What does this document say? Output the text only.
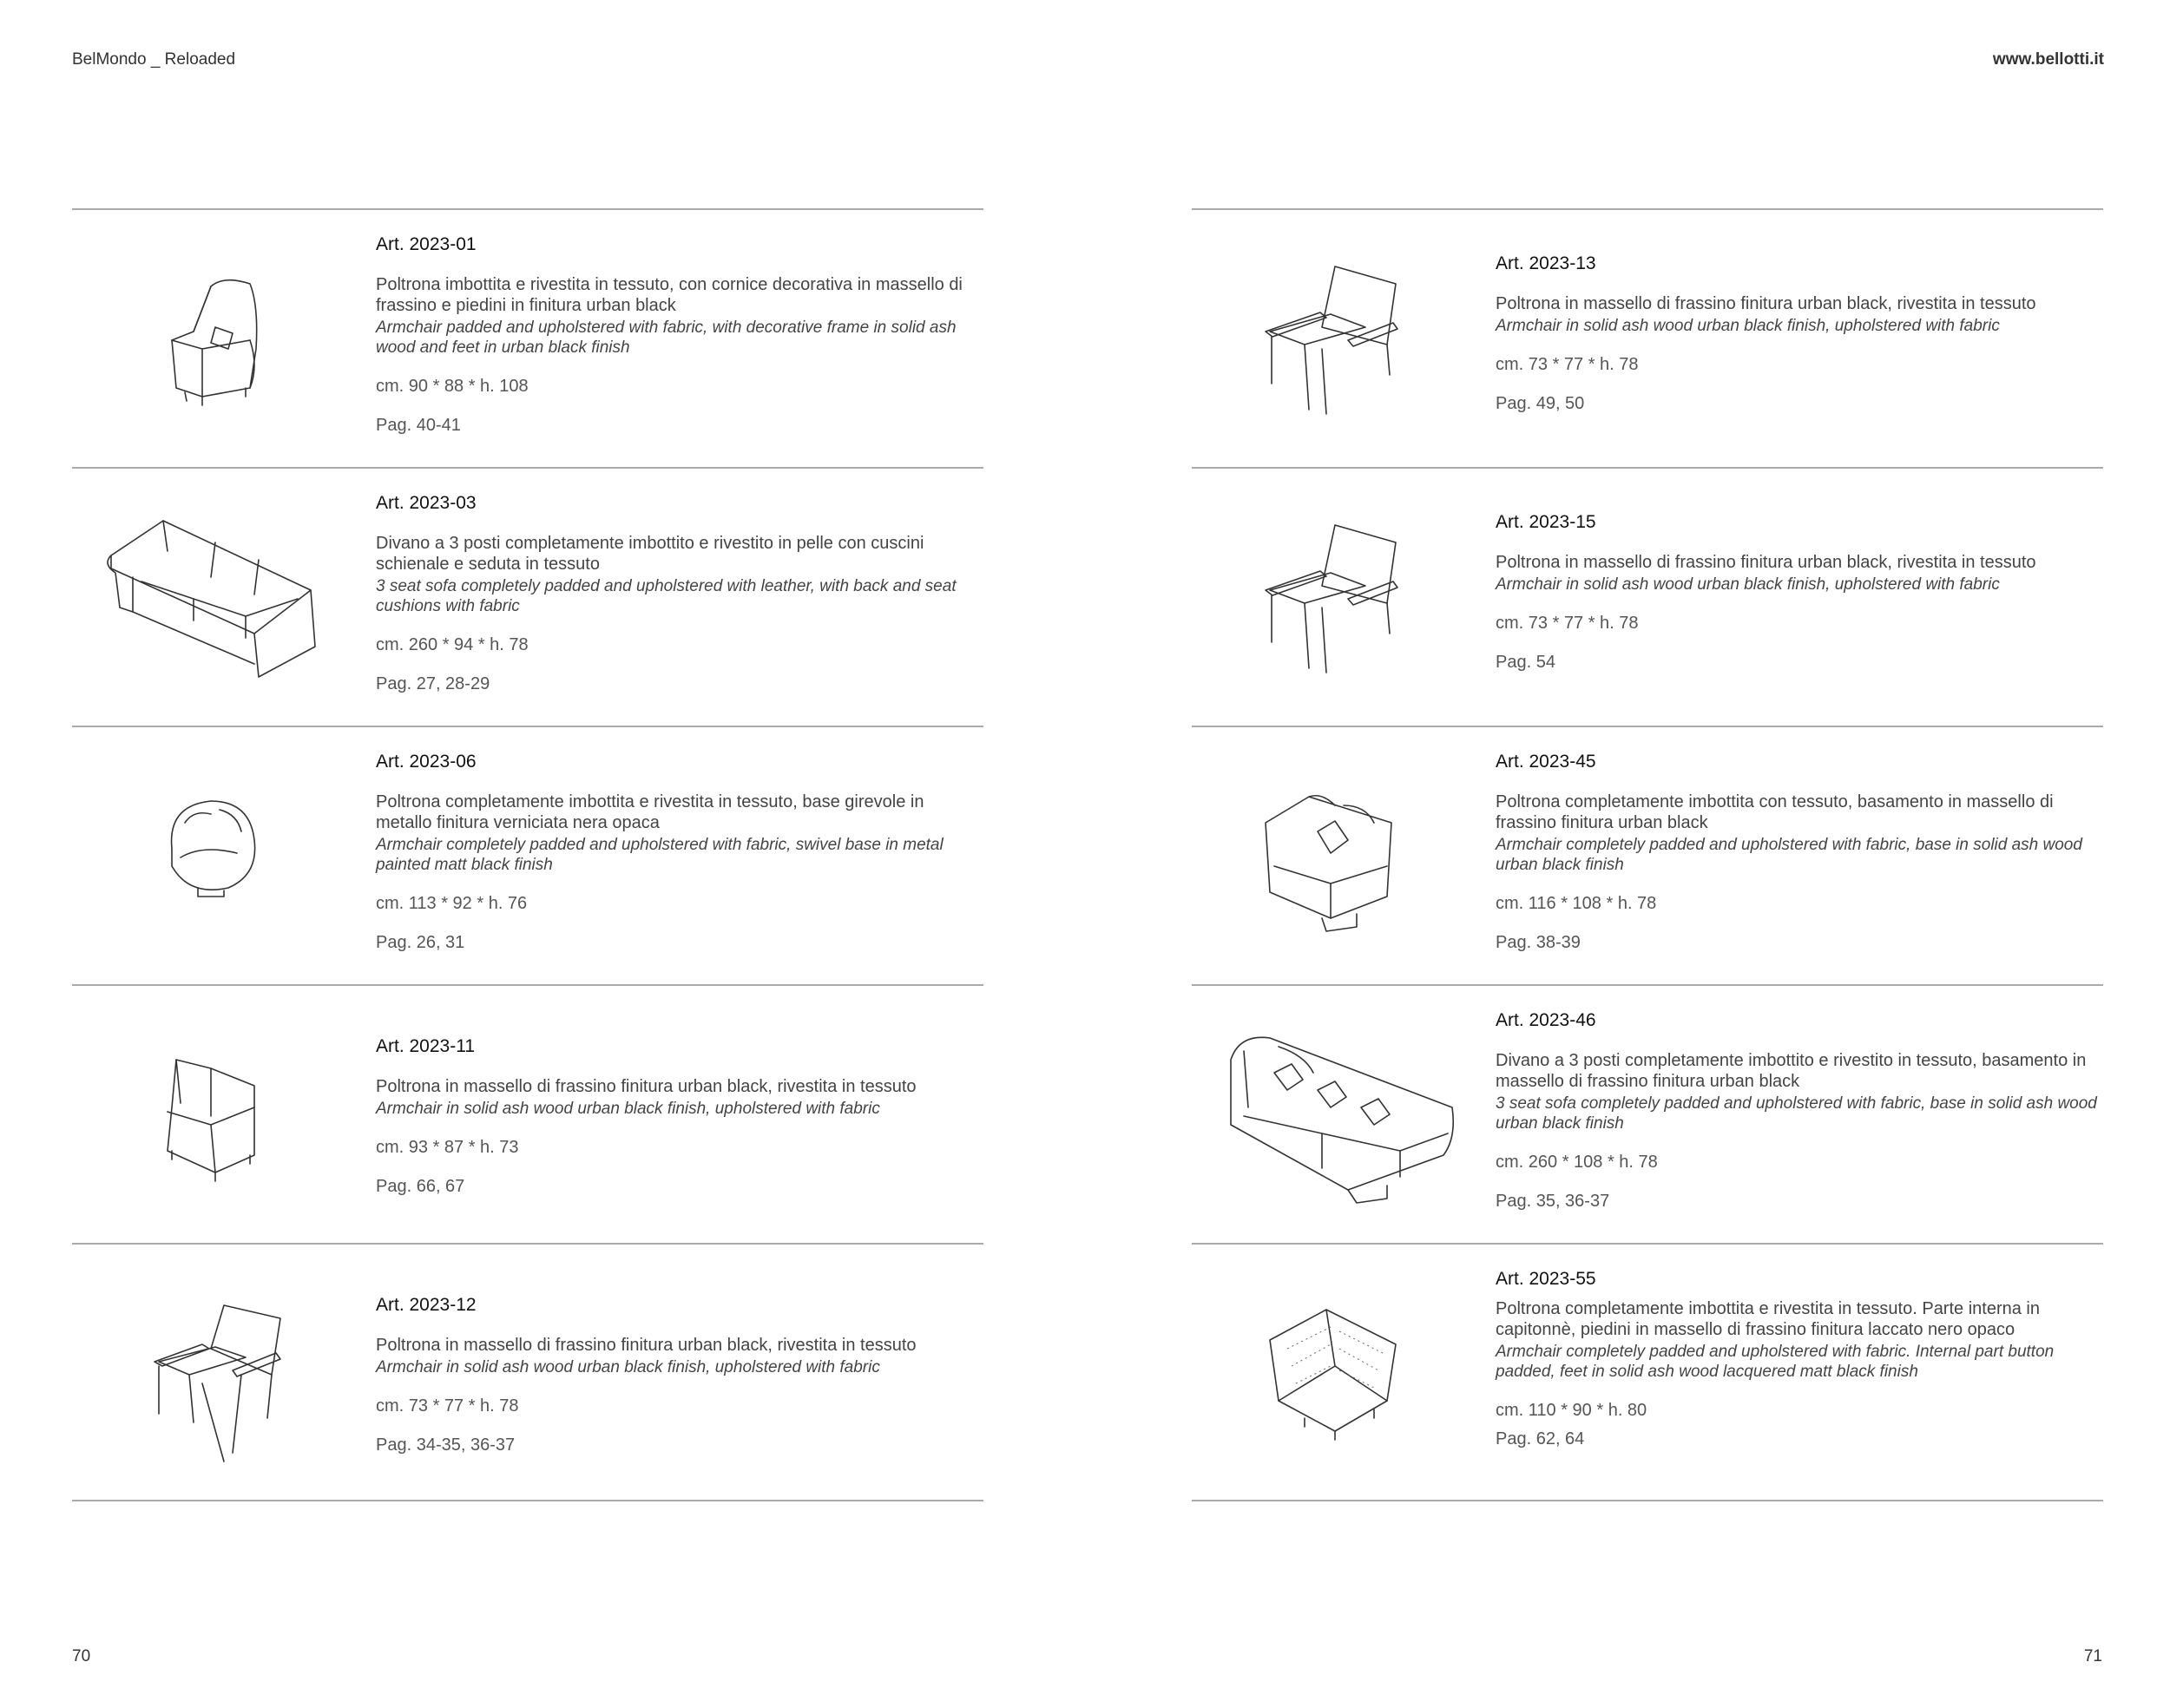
BelMondo _ Reloaded	www.bellotti.it

Art. 2023-01

Poltrona imbottita e rivestita in tessuto, con cornice decorativa in massello di frassino e piedini in finitura urban black

Armchair padded and upholstered with fabric, with decorative frame in solid ash wood and feet in urban black finish

cm. 90 * 88 * h. 108
Pag. 40-41

Art. 2023-03

Divano a 3 posti completamente imbottito e rivestito in pelle con cuscini schienale e seduta in tessuto

3 seat sofa completely padded and upholstered with leather, with back and seat cushions with fabric

cm. 260 * 94 * h. 78
Pag. 27, 28-29

Art. 2023-06

Poltrona completamente imbottita e rivestita in tessuto, base girevole in metallo finitura verniciata nera opaca

Armchair completely padded and upholstered with fabric, swivel base in metal painted matt black finish

cm. 113 * 92 * h. 76
Pag. 26, 31

Art. 2023-11

Poltrona in massello di frassino finitura urban black, rivestita in tessuto

Armchair in solid ash wood urban black finish, upholstered with fabric

cm. 93 * 87 * h. 73
Pag. 66, 67

Art. 2023-12

Poltrona in massello di frassino finitura urban black, rivestita in tessuto

Armchair in solid ash wood urban black finish, upholstered with fabric

cm. 73 * 77 * h. 78
Pag. 34-35, 36-37

Art. 2023-13

Poltrona in massello di frassino finitura urban black, rivestita in tessuto

Armchair in solid ash wood urban black finish, upholstered with fabric

cm. 73 * 77 * h. 78
Pag. 49, 50

Art. 2023-15

Poltrona in massello di frassino finitura urban black, rivestita in tessuto

Armchair in solid ash wood urban black finish, upholstered with fabric

cm. 73 * 77 * h. 78
Pag. 54

Art. 2023-45

Poltrona completamente imbottita con tessuto, basamento in massello di frassino finitura urban black

Armchair completely padded and upholstered with fabric, base in solid ash wood urban black finish

cm. 116 * 108 * h. 78
Pag. 38-39

Art. 2023-46

Divano a 3 posti completamente imbottito e rivestito in tessuto, basamento in massello di frassino finitura urban black

3 seat sofa completely padded and upholstered with fabric, base in solid ash wood urban black finish

cm. 260 * 108 * h. 78
Pag. 35, 36-37

Art. 2023-55

Poltrona completamente imbottita e rivestita in tessuto. Parte interna in capitonnè, piedini in massello di frassino finitura laccato nero opaco

Armchair completely padded and upholstered with fabric. Internal part button padded, feet in solid ash wood lacquered matt black finish

cm. 110 * 90 * h. 80
Pag. 62, 64
70	71
